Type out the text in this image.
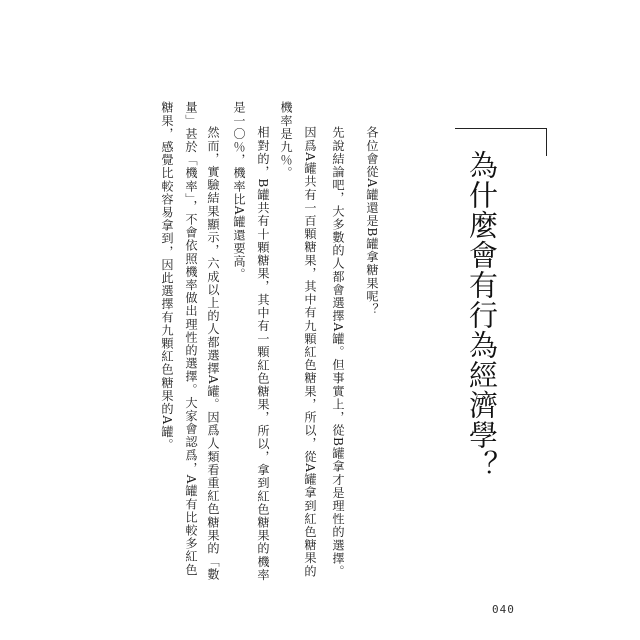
為什麼會有行為經濟學？
各位會從A罐還是B罐拿糖果呢︖
先說結論吧，大多數的人都會選擇A罐。但事實上，從B罐拿才是理性的選擇︒
因爲A罐共有一百顆糖果，其中有九顆紅色糖果，所以，從A罐拿到紅色糖果的
機率是九％。
相對的，B罐共有十顆糖果，其中有一顆紅色糖果，所以，拿到紅色糖果的機率
是一〇％，機率比A罐還要高。
然而，實驗結果顯示，六成以上的人都選擇A罐。因爲人類看重紅色糖果的「數
量」甚於「機率」，不會依照機率做出理性的選擇。大家會認爲，A罐有比較多紅色
糖果，感覺比較容易拿到，因此選擇有九顆紅色糖果的A罐︒
040
